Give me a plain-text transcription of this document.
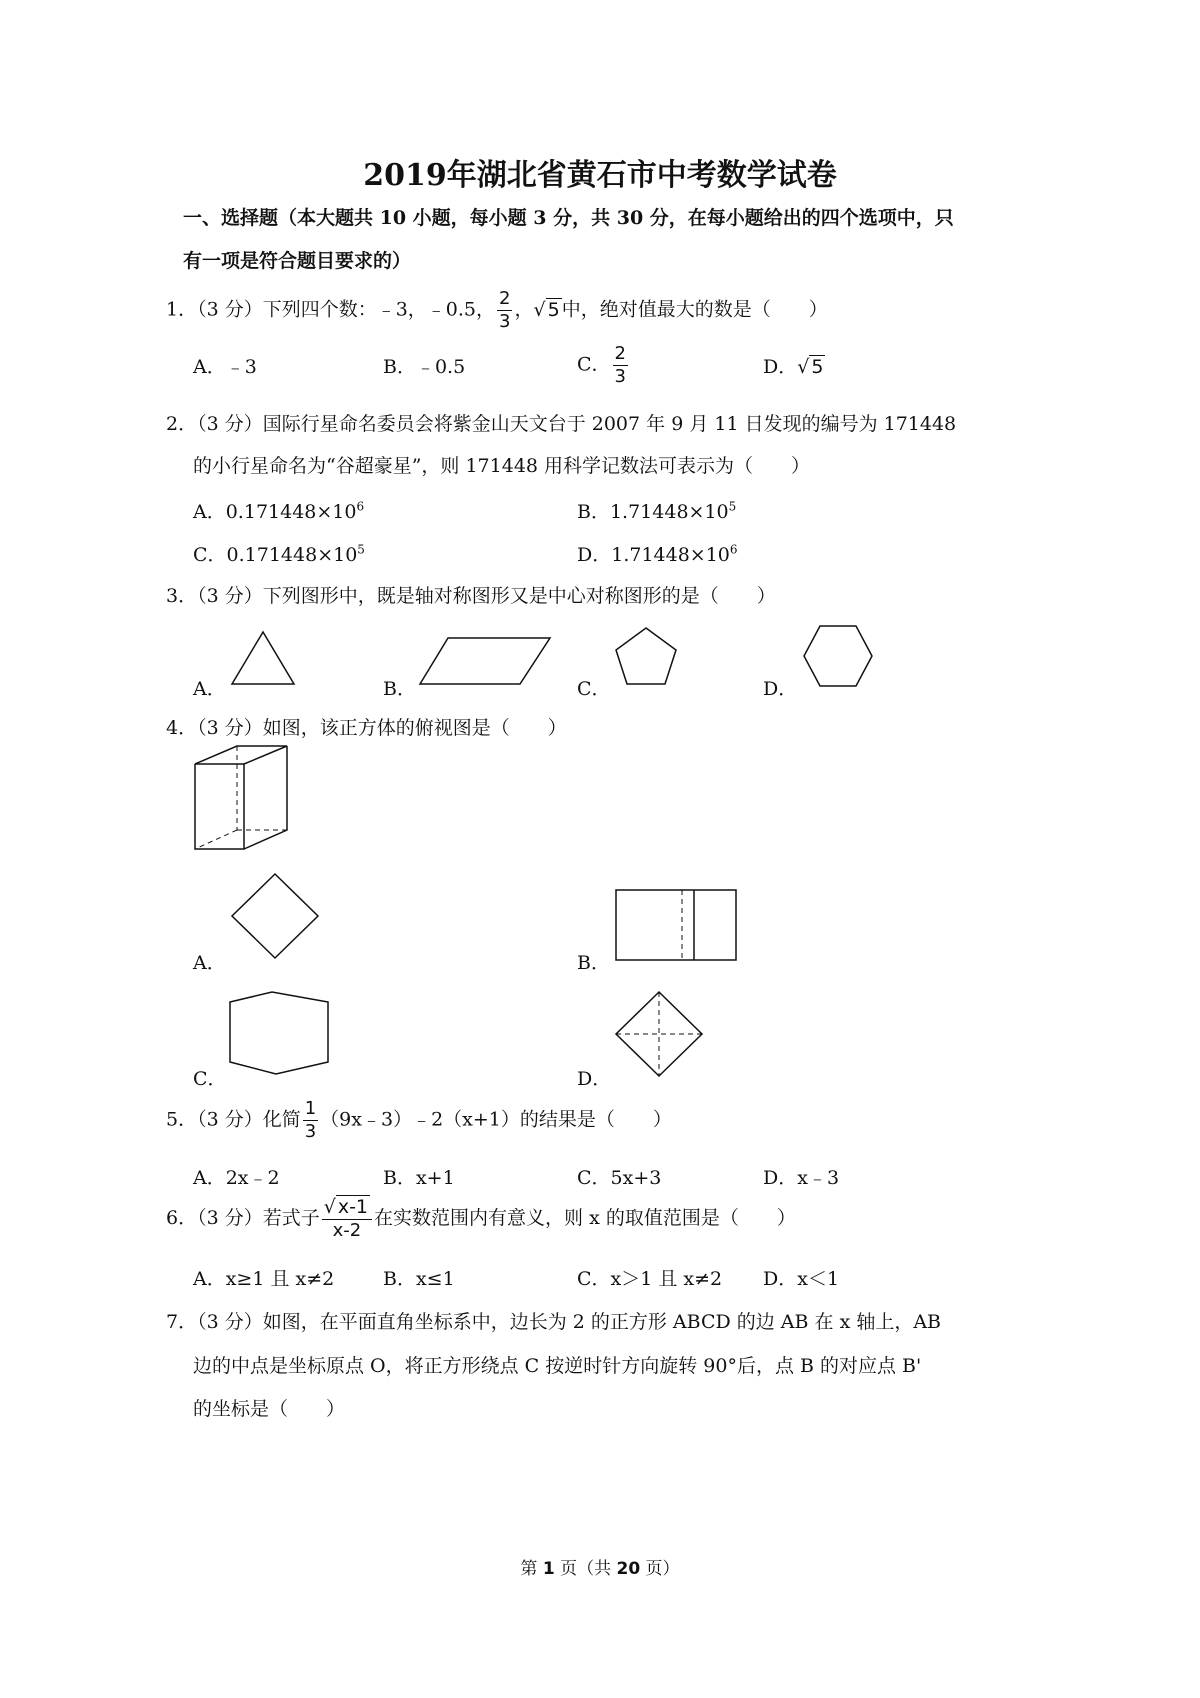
2019年湖北省黄石市中考数学试卷
一、选择题（本大题共 10 小题，每小题 3 分，共 30 分，在每小题给出的四个选项中，只
有一项是符合题目要求的）
1．（3 分）下列四个数：﹣3，﹣0.5， $\frac{2}{3}$ ，√ 5 中，绝对值最大的数是（　　）
A．﹣3	B．﹣0.5	C． $\frac{2}{3}$	D．√ 5
2．（3 分）国际行星命名委员会将紫金山天文台于 2007 年 9 月 11 日发现的编号为 171448
的小行星命名为“谷超豪星”，则 171448 用科学记数法可表示为（　　）
A．$0.171448\times 10^6$	B．$1.71448\times 10^5$
C．$0.171448\times 10^5$	D．$1.71448\times 10^6$
3．（3 分）下列图形中，既是轴对称图形又是中心对称图形的是（　　）
A．	B．	C．	D．
4．（3 分）如图，该正方体的俯视图是（　　）
A．	B．
C．	D．
5．（3 分）化简 $\frac{1}{3}$ （9x﹣3）﹣2（x+1）的结果是（　　）
A．2x﹣2	B．x+1	C．5x+3	D．x﹣3
6．（3 分）若式子 $\frac{√ x-1}{x-2}$ 在实数范围内有意义，则 x 的取值范围是（　　）
A．x≥1 且 x≠2	B．x≤1	C．x＞1 且 x≠2 D．x＜1
7．（3 分）如图，在平面直角坐标系中，边长为 2 的正方形 ABCD 的边 AB 在 x 轴上，AB
边的中点是坐标原点 O，将正方形绕点 C 按逆时针方向旋转 90°后，点 B 的对应点 B'
的坐标是（　　）
第 1 页（共 20 页）
